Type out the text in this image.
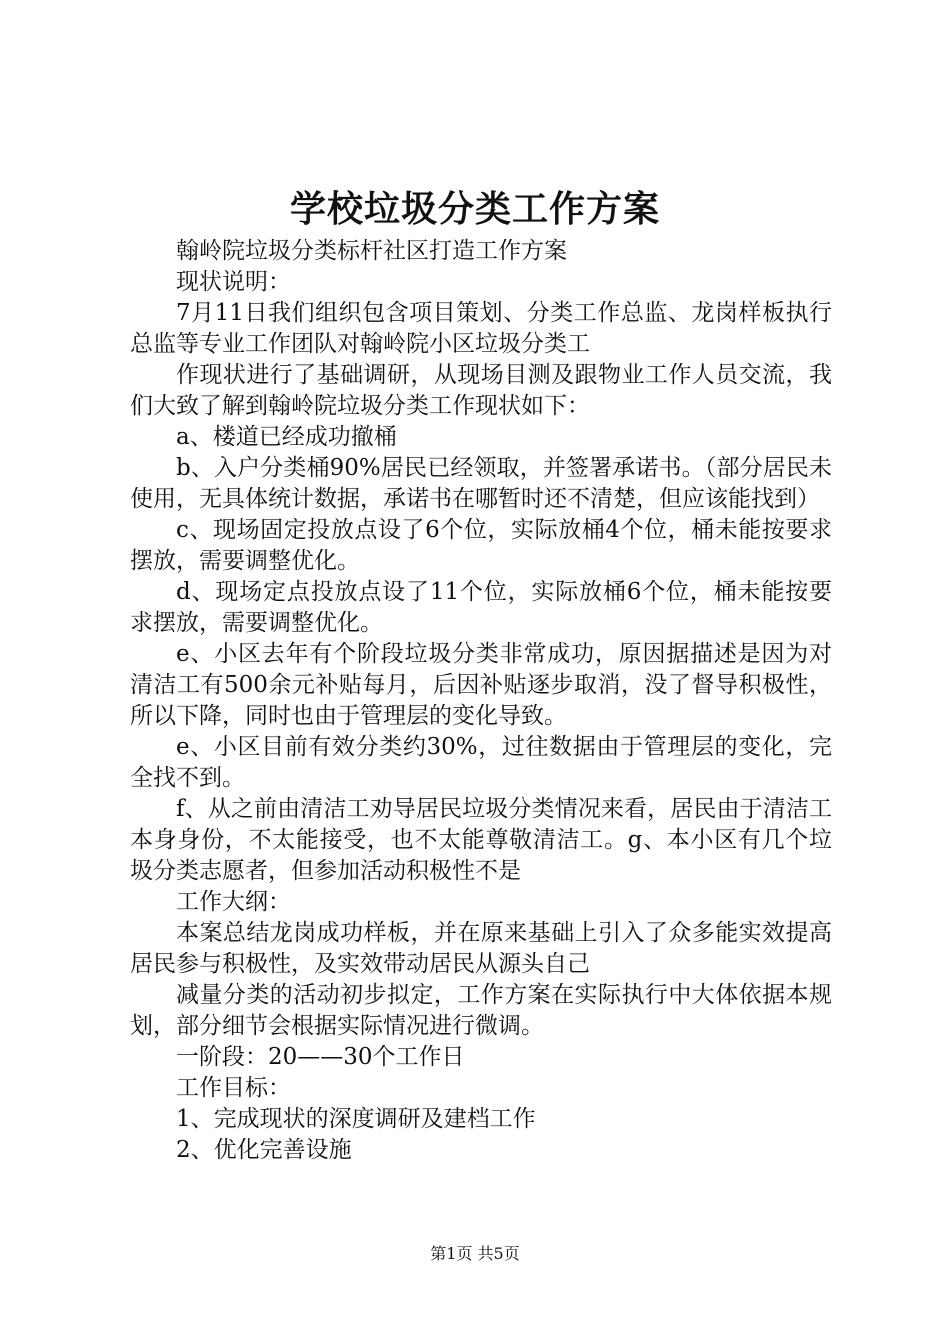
学校垃圾分类工作方案

翰岭院垃圾分类标杆社区打造工作方案

现状说明：

7月11日我们组织包含项目策划、分类工作总监、龙岗样板执行总监等专业工作团队对翰岭院小区垃圾分类工

作现状进行了基础调研，从现场目测及跟物业工作人员交流，我们大致了解到翰岭院垃圾分类工作现状如下：

a、楼道已经成功撤桶

b、入户分类桶90%居民已经领取，并签署承诺书。（部分居民未使用，无具体统计数据，承诺书在哪暂时还不清楚，但应该能找到）

c、现场固定投放点设了6个位，实际放桶4个位，桶未能按要求摆放，需要调整优化。

d、现场定点投放点设了11个位，实际放桶6个位，桶未能按要求摆放，需要调整优化。

e、小区去年有个阶段垃圾分类非常成功，原因据描述是因为对清洁工有500余元补贴每月，后因补贴逐步取消，没了督导积极性，所以下降，同时也由于管理层的变化导致。

e、小区目前有效分类约30%，过往数据由于管理层的变化，完全找不到。

f、从之前由清洁工劝导居民垃圾分类情况来看，居民由于清洁工本身身份，不太能接受，也不太能尊敬清洁工。g、本小区有几个垃圾分类志愿者，但参加活动积极性不是

工作大纲：

本案总结龙岗成功样板，并在原来基础上引入了众多能实效提高居民参与积极性，及实效带动居民从源头自己

减量分类的活动初步拟定，工作方案在实际执行中大体依据本规划，部分细节会根据实际情况进行微调。

一阶段：20——30个工作日

工作目标：

1、完成现状的深度调研及建档工作

2、优化完善设施

第1页 共5页
